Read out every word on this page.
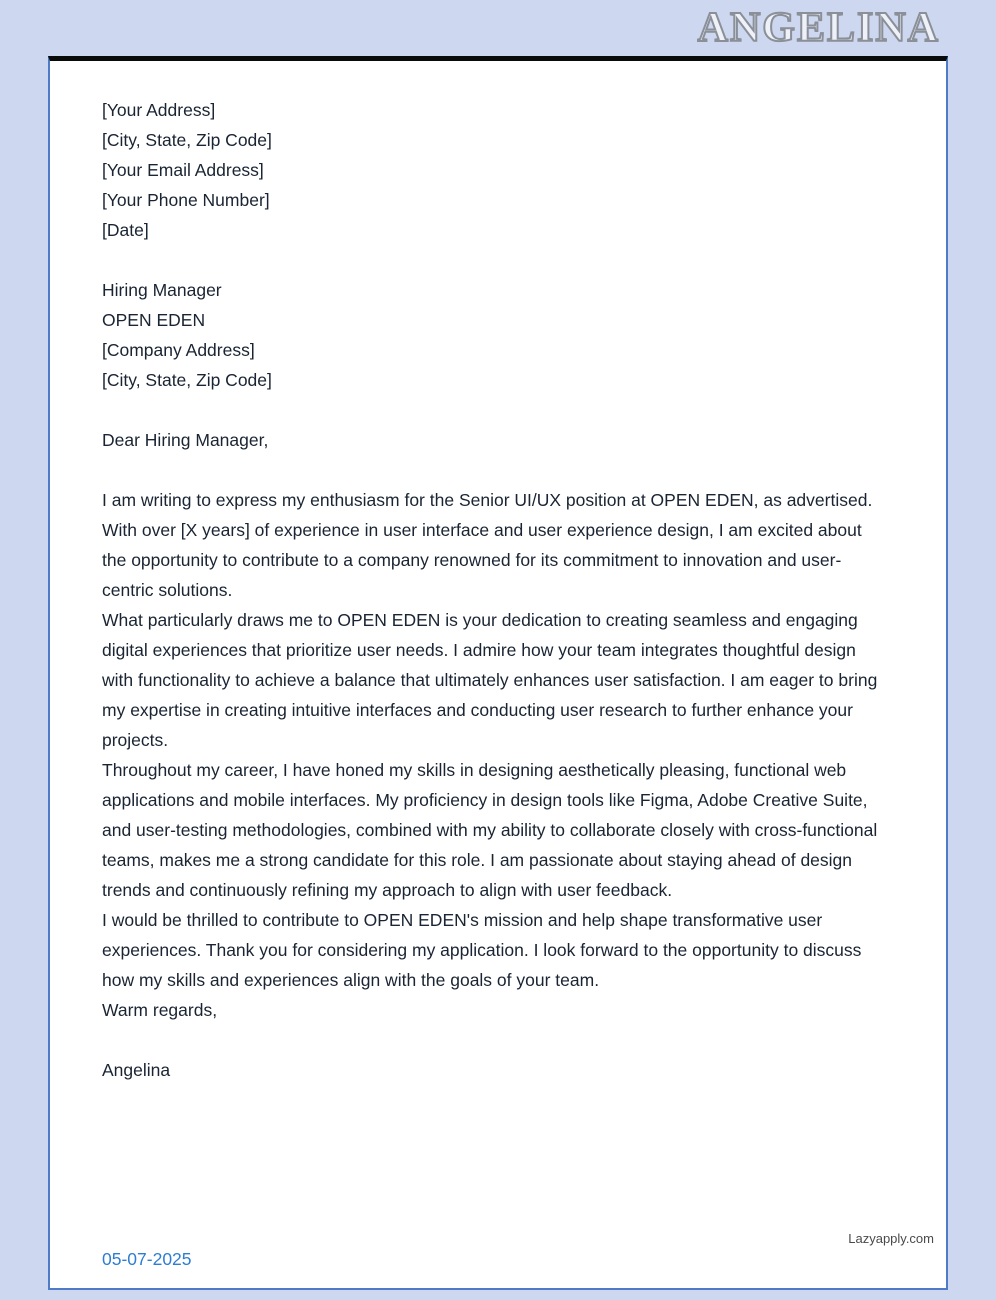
ANGELINA

[Your Address]

[City, State, Zip Code]

[Your Email Address]

[Your Phone Number]

[Date]

Hiring Manager

OPEN EDEN

[Company Address]

[City, State, Zip Code]

Dear Hiring Manager,

I am writing to express my enthusiasm for the Senior UI/UX position at OPEN EDEN, as advertised. With over [X years] of experience in user interface and user experience design, I am excited about the opportunity to contribute to a company renowned for its commitment to innovation and user-centric solutions.

What particularly draws me to OPEN EDEN is your dedication to creating seamless and engaging digital experiences that prioritize user needs. I admire how your team integrates thoughtful design with functionality to achieve a balance that ultimately enhances user satisfaction. I am eager to bring my expertise in creating intuitive interfaces and conducting user research to further enhance your projects.

Throughout my career, I have honed my skills in designing aesthetically pleasing, functional web applications and mobile interfaces. My proficiency in design tools like Figma, Adobe Creative Suite, and user-testing methodologies, combined with my ability to collaborate closely with cross-functional teams, makes me a strong candidate for this role. I am passionate about staying ahead of design trends and continuously refining my approach to align with user feedback.

I would be thrilled to contribute to OPEN EDEN's mission and help shape transformative user experiences. Thank you for considering my application. I look forward to the opportunity to discuss how my skills and experiences align with the goals of your team.

Warm regards,

Angelina

05-07-2025
Lazyapply.com
